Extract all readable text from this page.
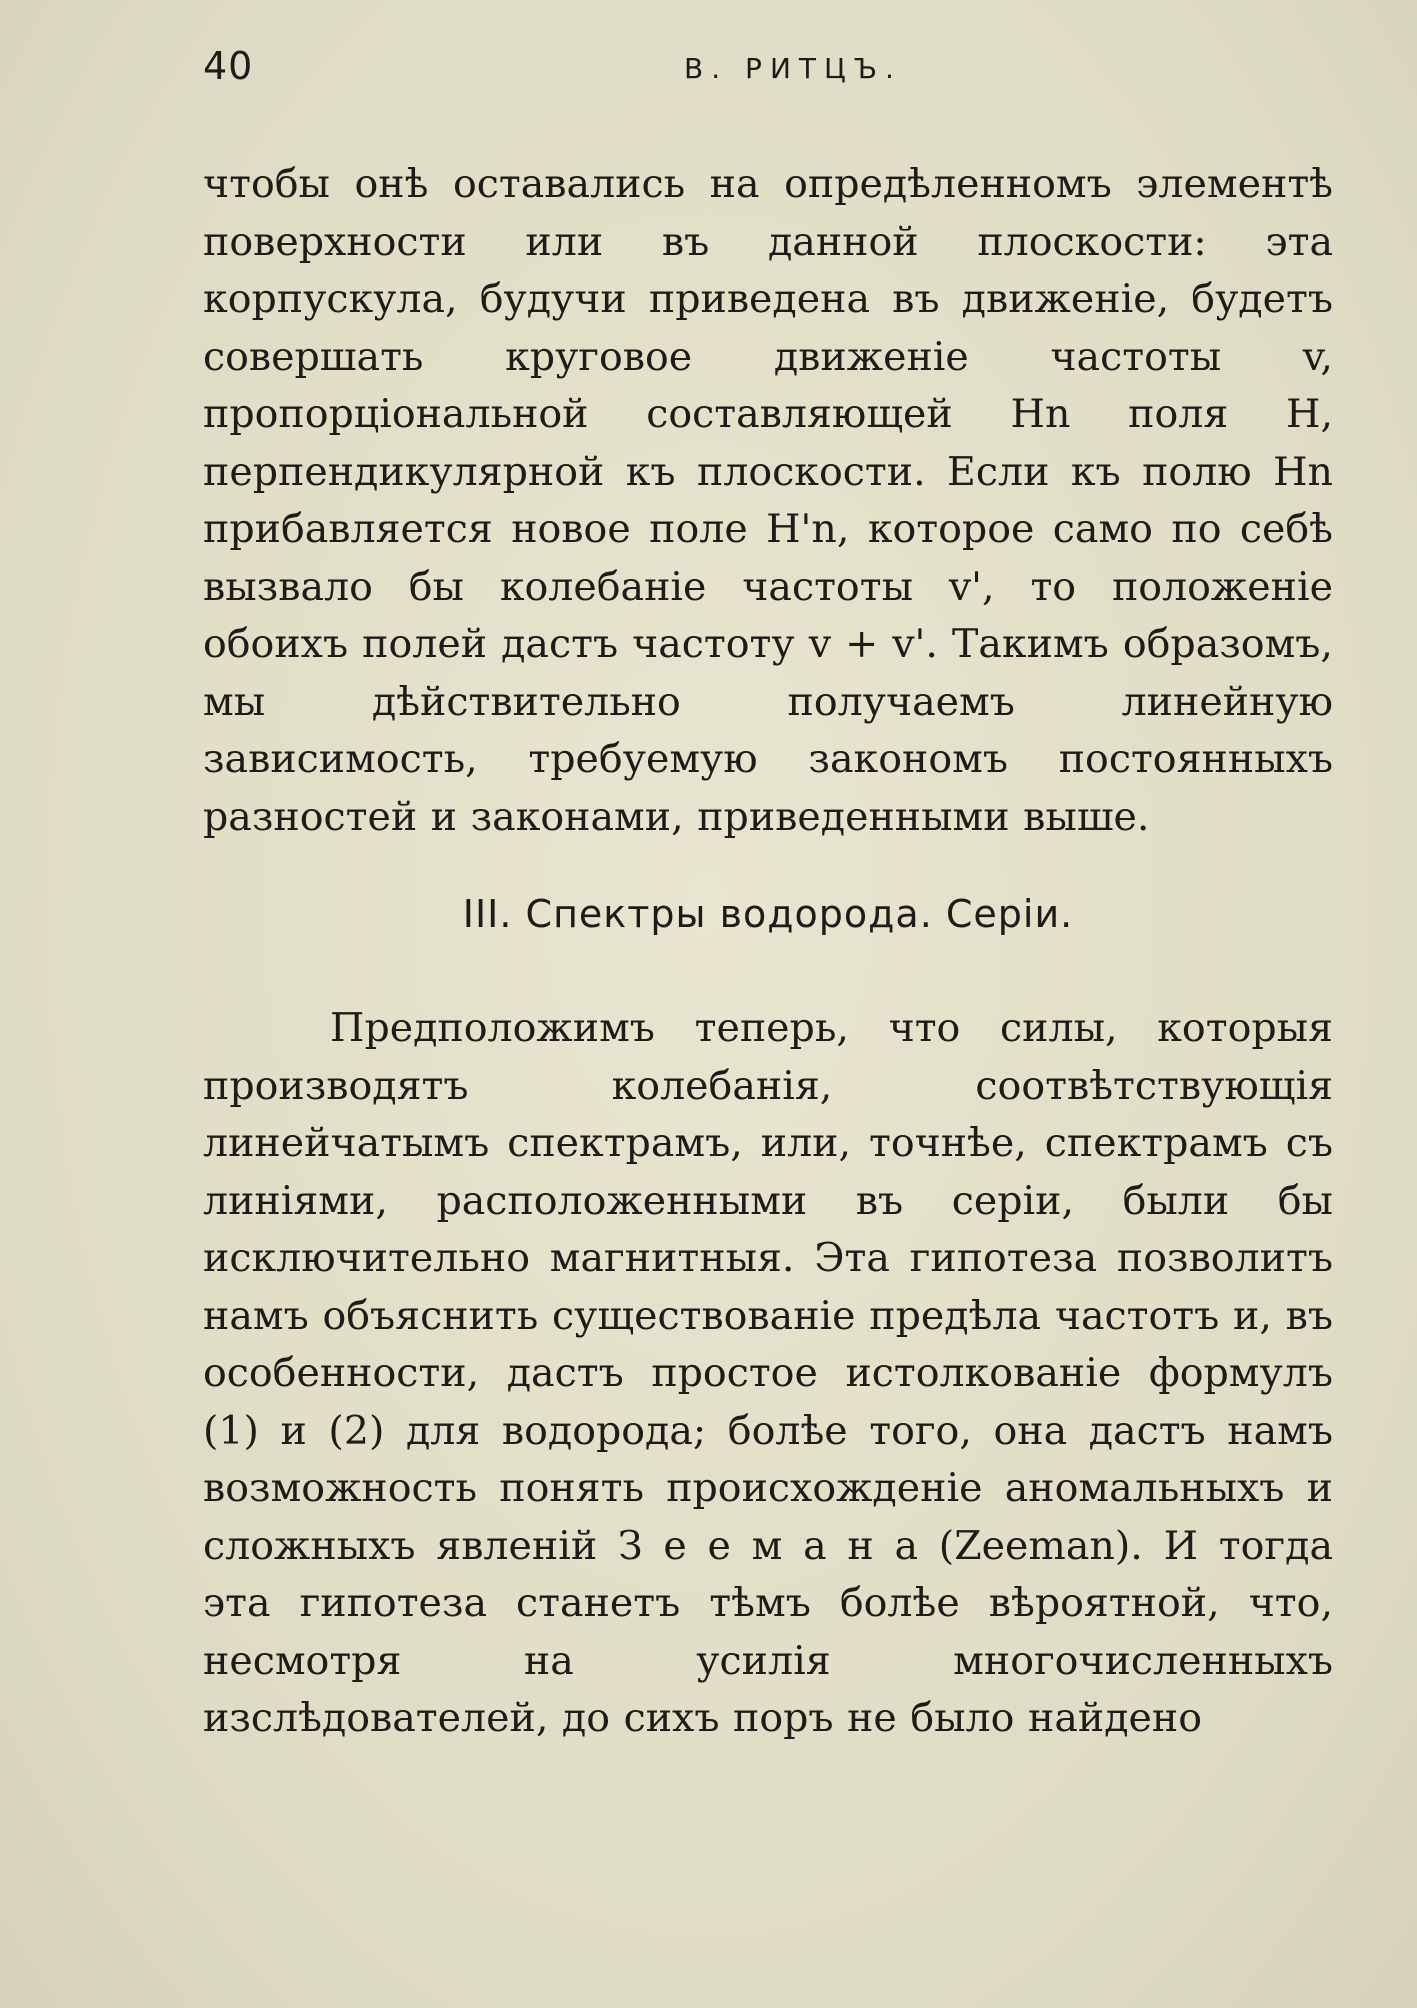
40	В. РИТЦЪ.

чтобы онѣ оставались на опредѣленномъ элементѣ поверхности или въ данной плоскости: эта корпускула, будучи приведена въ движеніе, будетъ совершать круговое движеніе частоты v, пропорціональной составляющей Hn поля H, перпендикулярной къ плоскости. Если къ полю Hn прибавляется новое поле H'n, которое само по себѣ вызвало бы колебаніе частоты v', то положеніе обоихъ полей дастъ частоту v + v'. Такимъ образомъ, мы дѣйствительно получаемъ линейную зависимость, требуемую закономъ постоянныхъ разностей и законами, приведенными выше.

III. Спектры водорода. Серіи.

Предположимъ теперь, что силы, которыя производятъ колебанія, соотвѣтствующія линейчатымъ спектрамъ, или, точнѣе, спектрамъ съ линіями, расположенными въ серіи, были бы исключительно магнитныя. Эта гипотеза позволитъ намъ объяснить существованіе предѣла частотъ и, въ особенности, дастъ простое истолкованіе формулъ (1) и (2) для водорода; болѣе того, она дастъ намъ возможность понять происхожденіе аномальныхъ и сложныхъ явленій З е е м а н а (Zeeman). И тогда эта гипотеза станетъ тѣмъ болѣе вѣроятной, что, несмотря на усилія многочисленныхъ изслѣдователей, до сихъ поръ не было найдено
